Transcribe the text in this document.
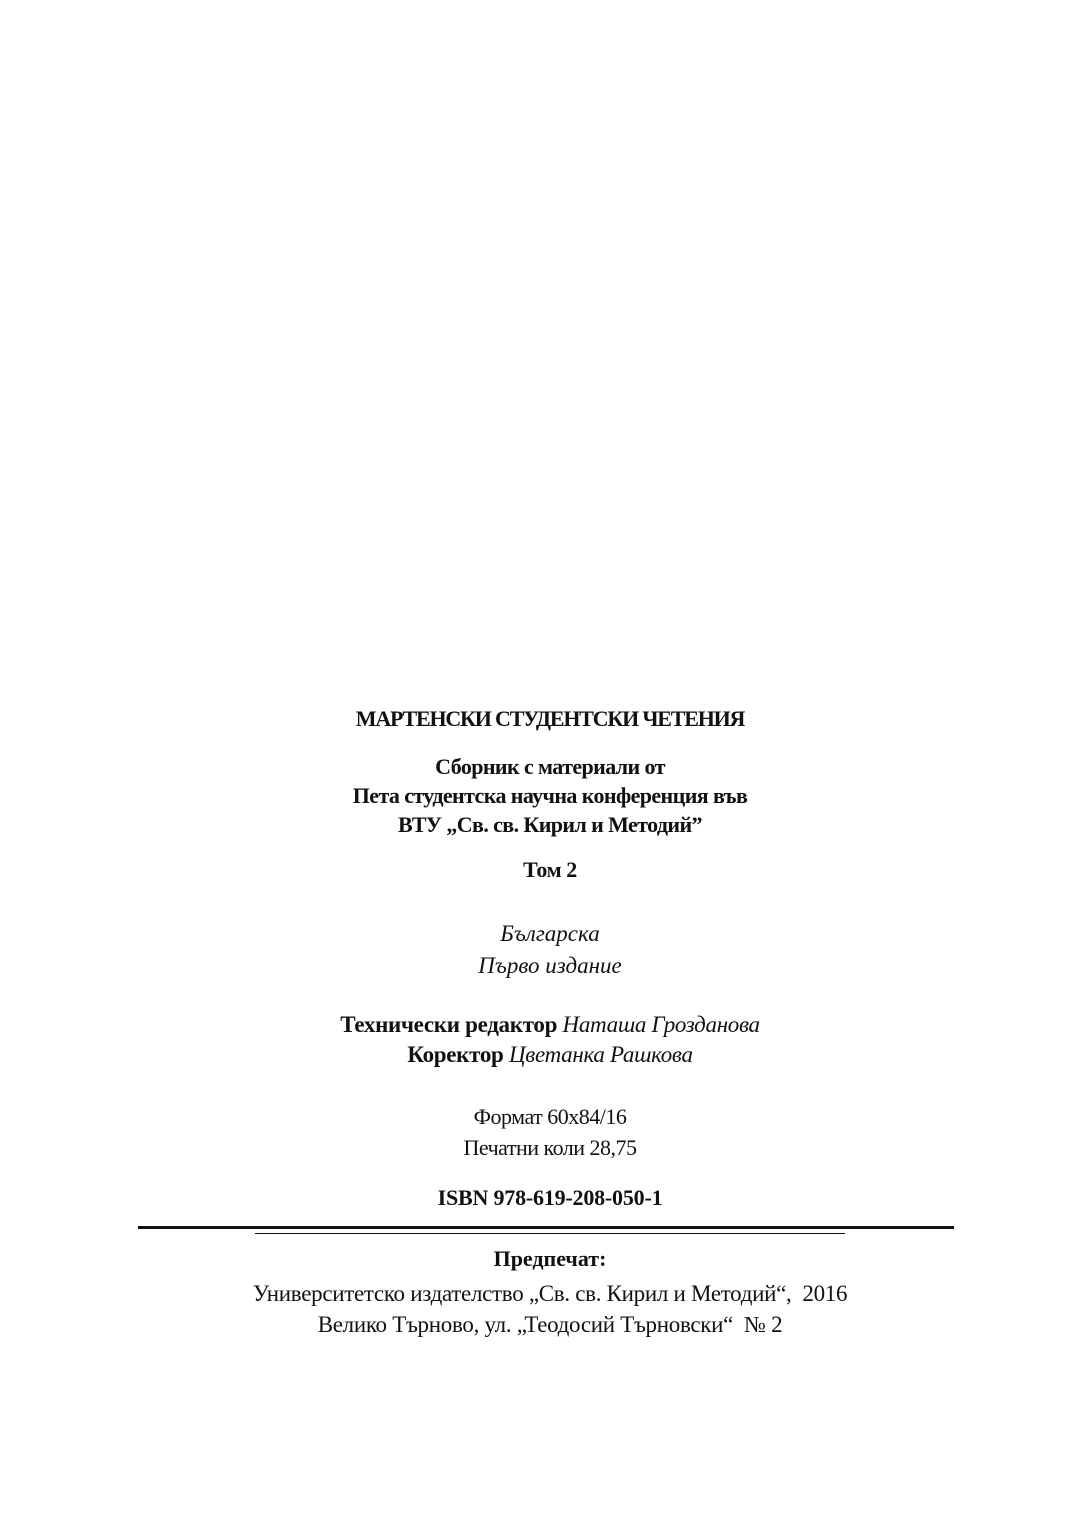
МАРТЕНСКИ СТУДЕНТСКИ ЧЕТЕНИЯ
Сборник с материали от
Пета студентска научна конференция във
ВТУ „Св. св. Кирил и Методий”
Том 2
Българска
Първо издание
Технически редактор Наташа Грозданова
Коректор Цветанка Рашкова
Формат 60x84/16
Печатни коли 28,75
ISBN 978-619-208-050-1
Предпечат:
Университетско издателство „Св. св. Кирил и Методий“,  2016
Велико Търново, ул. „Теодосий Търновски“  № 2
